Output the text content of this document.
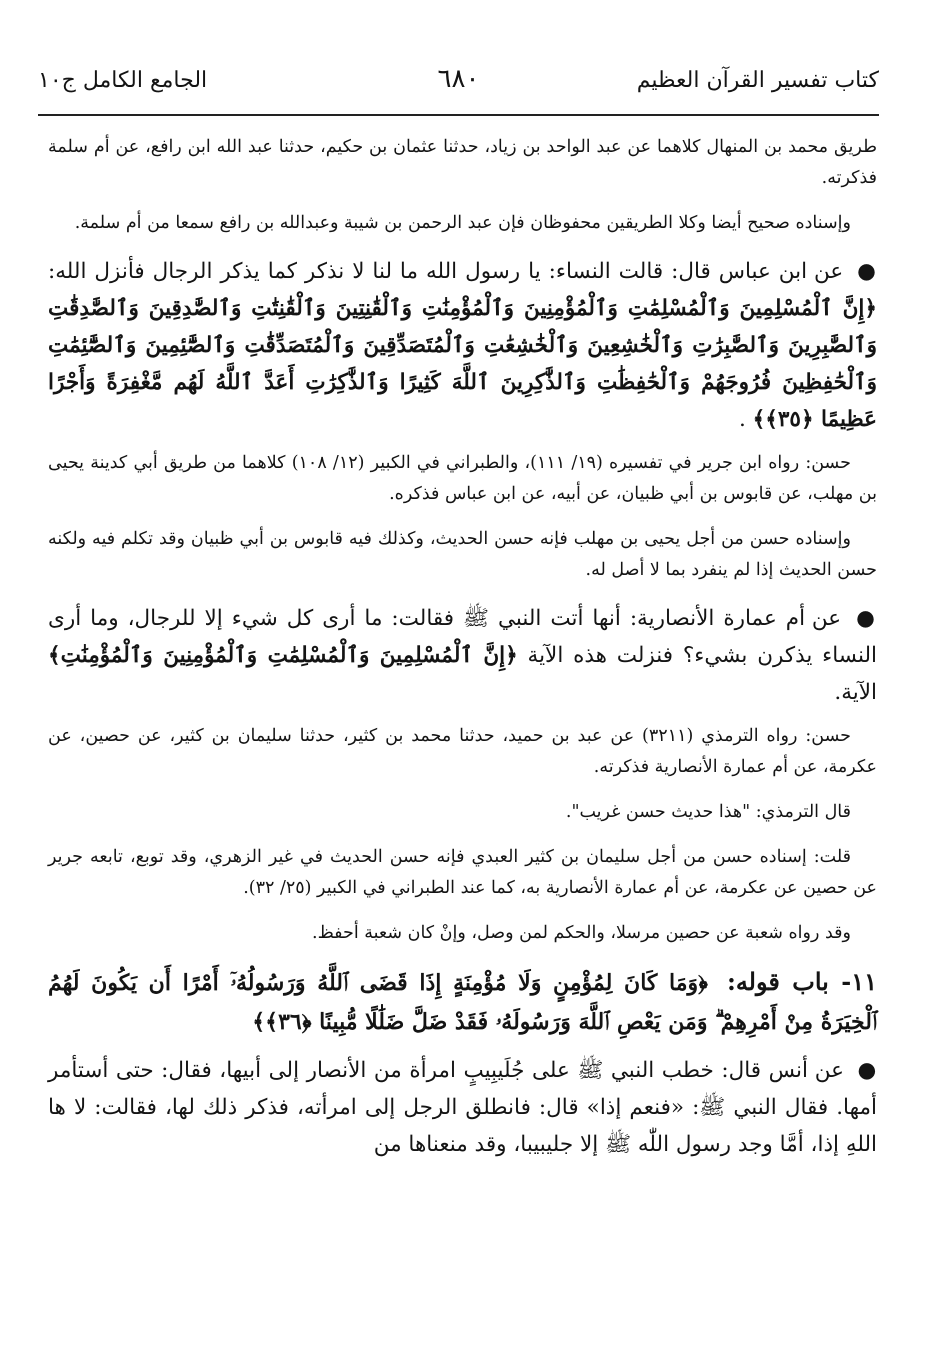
كتاب تفسير القرآن العظيم
٦٨٠
الجامع الكامل ج١٠

طريق محمد بن المنهال كلاهما عن عبد الواحد بن زياد، حدثنا عثمان بن حكيم، حدثنا عبد الله ابن رافع، عن أم سلمة فذكرته.

وإسناده صحيح أيضا وكلا الطريقين محفوظان فإن عبد الرحمن بن شيبة وعبدالله بن رافع سمعا من أم سلمة.

● عن ابن عباس قال: قالت النساء: يا رسول الله ما لنا لا نذكر كما يذكر الرجال فأنزل الله: ﴿إِنَّ ٱلْمُسْلِمِينَ وَٱلْمُسْلِمَٰتِ وَٱلْمُؤْمِنِينَ وَٱلْمُؤْمِنَٰتِ وَٱلْقَٰنِتِينَ وَٱلْقَٰنِتَٰتِ وَٱلصَّٰدِقِينَ وَٱلصَّٰدِقَٰتِ وَٱلصَّٰبِرِينَ وَٱلصَّٰبِرَٰتِ وَٱلْخَٰشِعِينَ وَٱلْخَٰشِعَٰتِ وَٱلْمُتَصَدِّقِينَ وَٱلْمُتَصَدِّقَٰتِ وَٱلصَّٰٓئِمِينَ وَٱلصَّٰٓئِمَٰتِ وَٱلْحَٰفِظِينَ فُرُوجَهُمْ وَٱلْحَٰفِظَٰتِ وَٱلذَّٰكِرِينَ ٱللَّهَ كَثِيرًا وَٱلذَّٰكِرَٰتِ أَعَدَّ ٱللَّهُ لَهُم مَّغْفِرَةً وَأَجْرًا عَظِيمًا ﴿٣٥﴾﴾ .

حسن: رواه ابن جرير في تفسيره (١٩/ ١١١)، والطبراني في الكبير (١٢/ ١٠٨) كلاهما من طريق أبي كدينة يحيى بن مهلب، عن قابوس بن أبي ظبيان، عن أبيه، عن ابن عباس فذكره.

وإسناده حسن من أجل يحيى بن مهلب فإنه حسن الحديث، وكذلك فيه قابوس بن أبي ظبيان وقد تكلم فيه ولكنه حسن الحديث إذا لم ينفرد بما لا أصل له.

● عن أم عمارة الأنصارية: أنها أتت النبي ﷺ فقالت: ما أرى كل شيء إلا للرجال، وما أرى النساء يذكرن بشيء؟ فنزلت هذه الآية ﴿إِنَّ ٱلْمُسْلِمِينَ وَٱلْمُسْلِمَٰتِ وَٱلْمُؤْمِنِينَ وَٱلْمُؤْمِنَٰتِ﴾ الآية.

حسن: رواه الترمذي (٣٢١١) عن عبد بن حميد، حدثنا محمد بن كثير، حدثنا سليمان بن كثير، عن حصين، عن عكرمة، عن أم عمارة الأنصارية فذكرته.

قال الترمذي: "هذا حديث حسن غريب".

قلت: إسناده حسن من أجل سليمان بن كثير العبدي فإنه حسن الحديث في غير الزهري، وقد توبع، تابعه جرير عن حصين عن عكرمة، عن أم عمارة الأنصارية به، كما عند الطبراني في الكبير (٢٥/ ٣٢).

وقد رواه شعبة عن حصين مرسلا، والحكم لمن وصل، وإنْ كان شعبة أحفظ.

١١- باب قوله: ﴿وَمَا كَانَ لِمُؤْمِنٍ وَلَا مُؤْمِنَةٍ إِذَا قَضَى ٱللَّهُ وَرَسُولُهُۥٓ أَمْرًا أَن يَكُونَ لَهُمُ ٱلْخِيَرَةُ مِنْ أَمْرِهِمْ ۗ وَمَن يَعْصِ ٱللَّهَ وَرَسُولَهُۥ فَقَدْ ضَلَّ ضَلَٰلًا مُّبِينًا ﴿٣٦﴾﴾

● عن أنس قال: خطب النبي ﷺ على جُلَيبِيبٍ امرأة من الأنصار إلى أبيها، فقال: حتى أستأمر أمها. فقال النبي ﷺ: «فنعم إذا» قال: فانطلق الرجل إلى امرأته، فذكر ذلك لها، فقالت: لا ها اللهِ إذا، أمَّا وجد رسول اللّٰه ﷺ إلا جليبيبا، وقد منعناها من
